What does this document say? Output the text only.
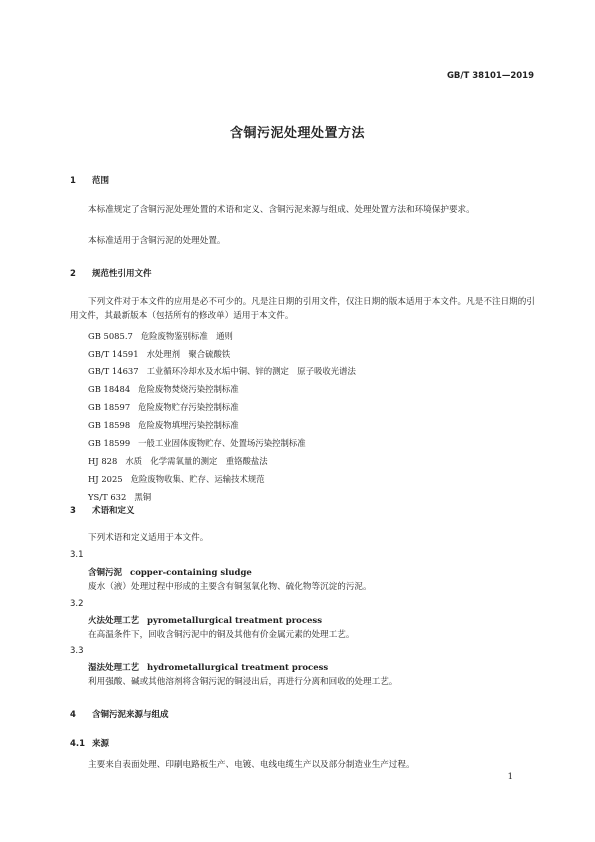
GB/T 38101—2019
含铜污泥处理处置方法
1 范围
本标准规定了含铜污泥处理处置的术语和定义、含铜污泥来源与组成、处理处置方法和环境保护要求。
本标准适用于含铜污泥的处理处置。
2 规范性引用文件
下列文件对于本文件的应用是必不可少的。凡是注日期的引用文件，仅注日期的版本适用于本文件。凡是不注日期的引用文件，其最新版本（包括所有的修改单）适用于本文件。
GB 5085.7 危险废物鉴别标准　通则
GB/T 14591 水处理剂　聚合硫酸铁
GB/T 14637 工业循环冷却水及水垢中铜、锌的测定　原子吸收光谱法
GB 18484 危险废物焚烧污染控制标准
GB 18597 危险废物贮存污染控制标准
GB 18598 危险废物填埋污染控制标准
GB 18599 一般工业固体废物贮存、处置场污染控制标准
HJ 828 水质　化学需氧量的测定　重铬酸盐法
HJ 2025 危险废物收集、贮存、运输技术规范
YS/T 632 黑铜
3 术语和定义
下列术语和定义适用于本文件。
3.1
含铜污泥 copper-containing sludge
废水（液）处理过程中形成的主要含有铜氢氧化物、硫化物等沉淀的污泥。
3.2
火法处理工艺 pyrometallurgical treatment process
在高温条件下，回收含铜污泥中的铜及其他有价金属元素的处理工艺。
3.3
湿法处理工艺 hydrometallurgical treatment process
利用强酸、碱或其他溶剂将含铜污泥的铜浸出后，再进行分离和回收的处理工艺。
4 含铜污泥来源与组成
4.1 来源
主要来自表面处理、印刷电路板生产、电镀、电线电缆生产以及部分制造业生产过程。
1
